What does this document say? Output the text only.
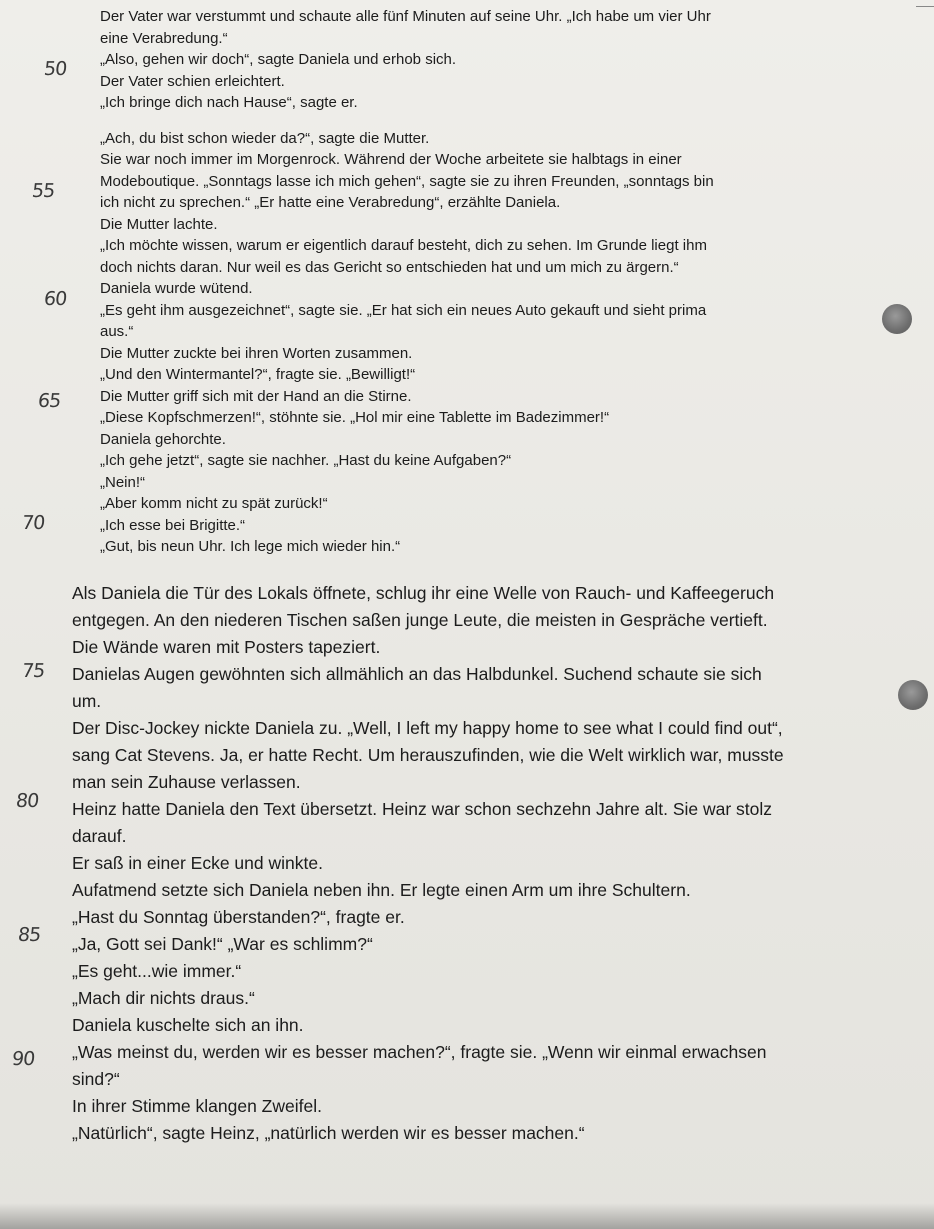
50
55
60
65
70
75
80
85
90
Der Vater war verstummt und schaute alle fünf Minuten auf seine Uhr. „Ich habe um vier Uhr
eine Verabredung.“
„Also, gehen wir doch“, sagte Daniela und erhob sich.
Der Vater schien erleichtert.
„Ich bringe dich nach Hause“, sagte er.
„Ach, du bist schon wieder da?“, sagte die Mutter.
Sie war noch immer im Morgenrock. Während der Woche arbeitete sie halbtags in einer
Modeboutique. „Sonntags lasse ich mich gehen“, sagte sie zu ihren Freunden, „sonntags bin
ich nicht zu sprechen.“ „Er hatte eine Verabredung“, erzählte Daniela.
Die Mutter lachte.
„Ich möchte wissen, warum er eigentlich darauf besteht, dich zu sehen. Im Grunde liegt ihm
doch nichts daran. Nur weil es das Gericht so entschieden hat und um mich zu ärgern.“
Daniela wurde wütend.
„Es geht ihm ausgezeichnet“, sagte sie. „Er hat sich ein neues Auto gekauft und sieht prima
aus.“
Die Mutter zuckte bei ihren Worten zusammen.
„Und den Wintermantel?“, fragte sie. „Bewilligt!“
Die Mutter griff sich mit der Hand an die Stirne.
„Diese Kopfschmerzen!“, stöhnte sie. „Hol mir eine Tablette im Badezimmer!“
Daniela gehorchte.
„Ich gehe jetzt“, sagte sie nachher. „Hast du keine Aufgaben?“
„Nein!“
„Aber komm nicht zu spät zurück!“
„Ich esse bei Brigitte.“
„Gut, bis neun Uhr. Ich lege mich wieder hin.“
Als Daniela die Tür des Lokals öffnete, schlug ihr eine Welle von Rauch- und Kaffeegeruch
entgegen. An den niederen Tischen saßen junge Leute, die meisten in Gespräche vertieft.
Die Wände waren mit Posters tapeziert.
Danielas Augen gewöhnten sich allmählich an das Halbdunkel. Suchend schaute sie sich
um.
Der Disc-Jockey nickte Daniela zu. „Well, I left my happy home to see what I could find out“,
sang Cat Stevens. Ja, er hatte Recht. Um herauszufinden, wie die Welt wirklich war, musste
man sein Zuhause verlassen.
Heinz hatte Daniela den Text übersetzt. Heinz war schon sechzehn Jahre alt. Sie war stolz
darauf.
Er saß in einer Ecke und winkte.
Aufatmend setzte sich Daniela neben ihn. Er legte einen Arm um ihre Schultern.
„Hast du Sonntag überstanden?“, fragte er.
„Ja, Gott sei Dank!“ „War es schlimm?“
„Es geht...wie immer.“
„Mach dir nichts draus.“
Daniela kuschelte sich an ihn.
„Was meinst du, werden wir es besser machen?“, fragte sie. „Wenn wir einmal erwachsen
sind?“
In ihrer Stimme klangen Zweifel.
„Natürlich“, sagte Heinz, „natürlich werden wir es besser machen.“
